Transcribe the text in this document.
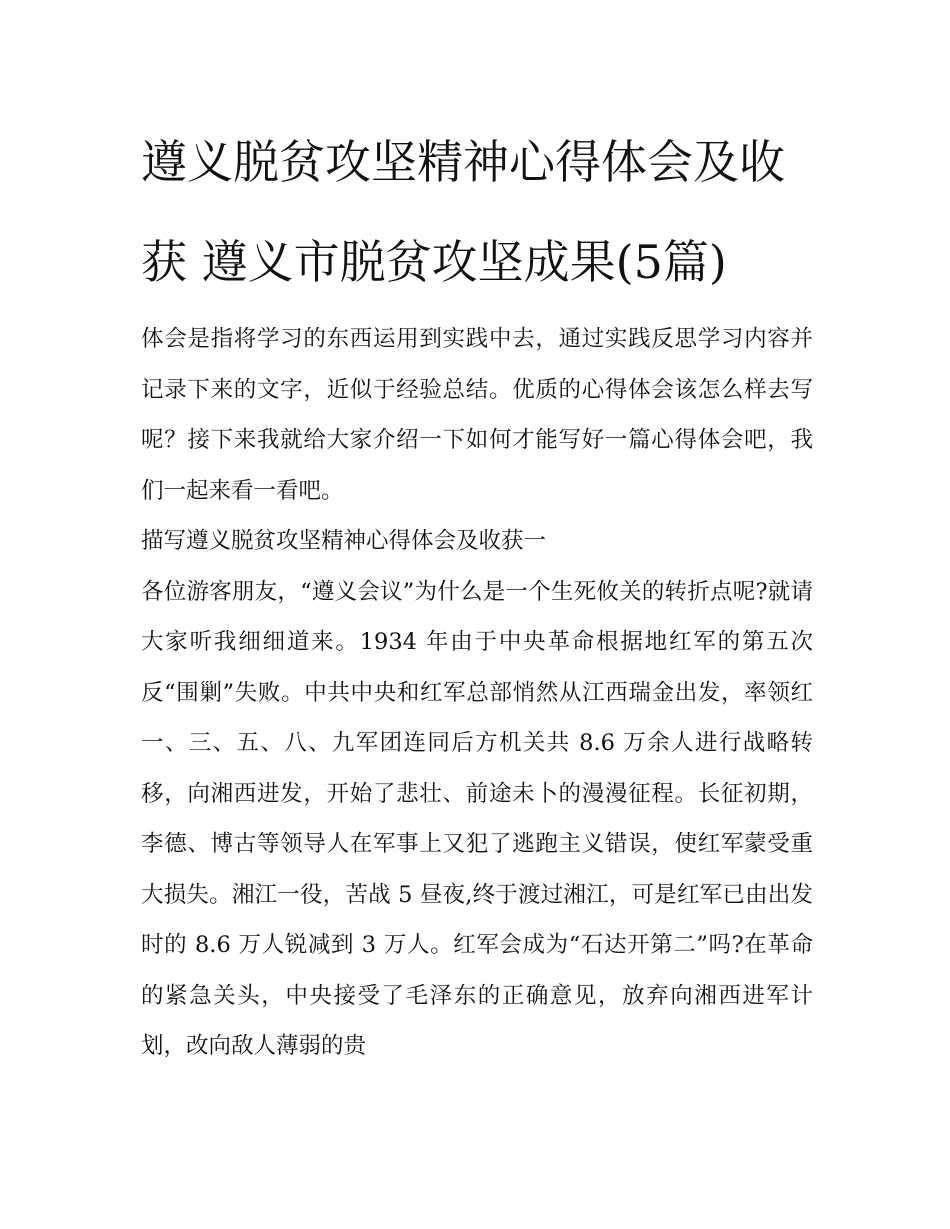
遵义脱贫攻坚精神心得体会及收获 遵义市脱贫攻坚成果(5篇)

体会是指将学习的东西运用到实践中去，通过实践反思学习内容并记录下来的文字，近似于经验总结。优质的心得体会该怎么样去写呢？接下来我就给大家介绍一下如何才能写好一篇心得体会吧，我们一起来看一看吧。

描写遵义脱贫攻坚精神心得体会及收获一

各位游客朋友，“遵义会议”为什么是一个生死攸关的转折点呢?就请大家听我细细道来。1934 年由于中央革命根据地红军的第五次反“围剿”失败。中共中央和红军总部悄然从江西瑞金出发，率领红一、三、五、八、九军团连同后方机关共 8.6 万余人进行战略转移，向湘西进发，开始了悲壮、前途未卜的漫漫征程。长征初期，李德、博古等领导人在军事上又犯了逃跑主义错误，使红军蒙受重大损失。湘江一役，苦战 5 昼夜,终于渡过湘江，可是红军已由出发时的 8.6 万人锐减到 3 万人。红军会成为“石达开第二”吗?在革命的紧急关头，中央接受了毛泽东的正确意见，放弃向湘西进军计划，改向敌人薄弱的贵
